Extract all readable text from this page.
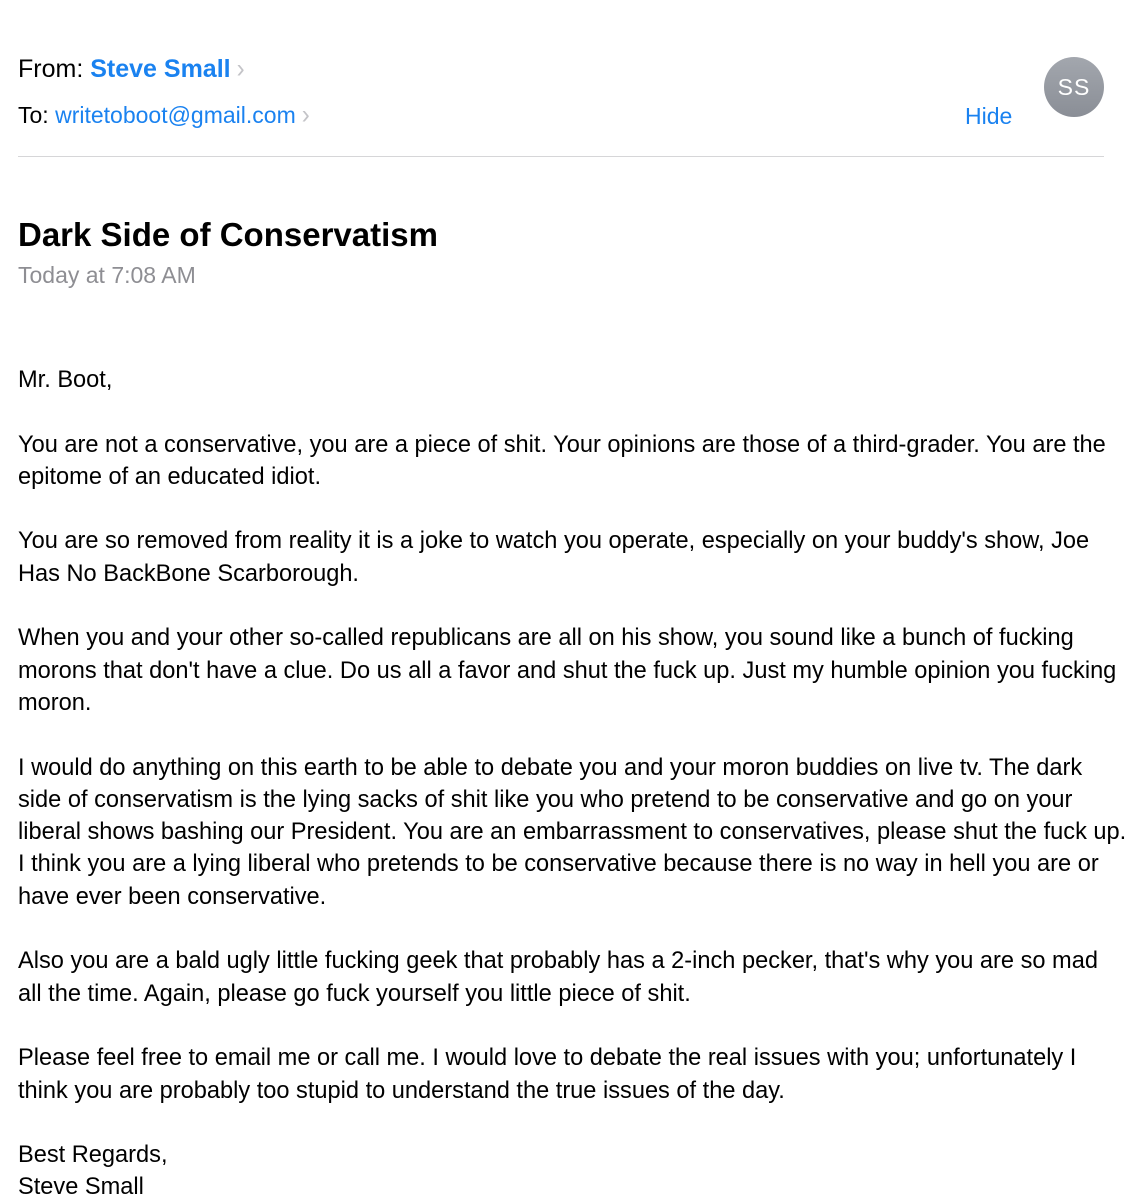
From: Steve Small ›
To: writetoboot@gmail.com ›	Hide
SS
Dark Side of Conservatism
Today at 7:08 AM

Mr. Boot,

You are not a conservative, you are a piece of shit. Your opinions are those of a third-grader. You are the epitome of an educated idiot.

You are so removed from reality it is a joke to watch you operate, especially on your buddy's show, Joe Has No BackBone Scarborough.

When you and your other so-called republicans are all on his show, you sound like a bunch of fucking morons that don't have a clue. Do us all a favor and shut the fuck up. Just my humble opinion you fucking moron.

I would do anything on this earth to be able to debate you and your moron buddies on live tv. The dark side of conservatism is the lying sacks of shit like you who pretend to be conservative and go on your liberal shows bashing our President. You are an embarrassment to conservatives, please shut the fuck up. I think you are a lying liberal who pretends to be conservative because there is no way in hell you are or have ever been conservative.

Also you are a bald ugly little fucking geek that probably has a 2-inch pecker, that's why you are so mad all the time. Again, please go fuck yourself you little piece of shit.

Please feel free to email me or call me. I would love to debate the real issues with you; unfortunately I think you are probably too stupid to understand the true issues of the day.

Best Regards,

Steve Small
